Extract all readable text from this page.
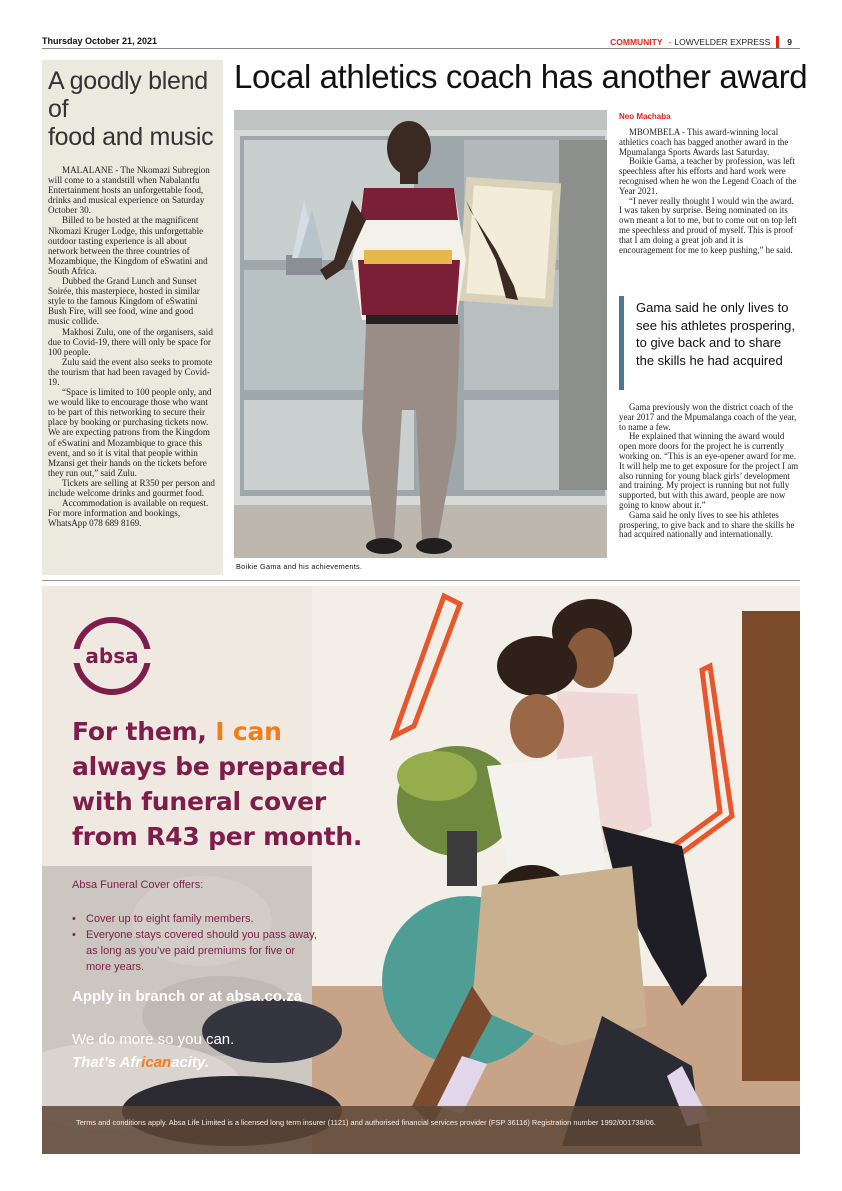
Thursday October 21, 2021	COMMUNITY - LOWVELDER EXPRESS 9
A goodly blend of
food and music

MALALANE - The Nkomazi Subregion will come to a standstill when Nabalantfu Entertainment hosts an unforgettable food, drinks and musical experience on Saturday October 30.

Billed to be hosted at the magnificent Nkomazi Kruger Lodge, this unforgettable outdoor tasting experience is all about network between the three countries of Mozambique, the Kingdom of eSwatini and South Africa.

Dubbed the Grand Lunch and Sunset Soirée, this masterpiece, hosted in similar style to the famous Kingdom of eSwatini Bush Fire, will see food, wine and good music collide.

Makhosi Zulu, one of the organisers, said due to Covid-19, there will only be space for 100 people.

Zulu said the event also seeks to promote the tourism that had been ravaged by Covid-19.

“Space is limited to 100 people only, and we would like to encourage those who want to be part of this networking to secure their place by booking or purchasing tickets now. We are expecting patrons from the Kingdom of eSwatini and Mozambique to grace this event, and so it is vital that people within Mzansi get their hands on the tickets before they run out,” said Zulu.

Tickets are selling at R350 per person and include welcome drinks and gourmet food.

Accommodation is available on request. For more information and bookings, WhatsApp 078 689 8169.

Local athletics coach has another award
Boikie Gama and his achievements.
Neo Machaba

MBOMBELA - This award-winning local athletics coach has bagged another award in the Mpumalanga Sports Awards last Saturday.

Boikie Gama, a teacher by profession, was left speechless after his efforts and hard work were recognised when he won the Legend Coach of the Year 2021.

“I never really thought I would win the award. I was taken by surprise. Being nominated on its own meant a lot to me, but to come out on top left me speechless and proud of myself. This is proof that I am doing a great job and it is encouragement for me to keep pushing,” he said.

Gama said he only lives to see his athletes prospering, to give back and to share the skills he had acquired

Gama previously won the district coach of the year 2017 and the Mpumalanga coach of the year, to name a few.

He explained that winning the award would open more doors for the project he is currently working on. “This is an eye-opener award for me. It will help me to get exposure for the project I am also running for young black girls’ development and training. My project is running but not fully supported, but with this award, people are now going to know about it.”

Gama said he only lives to see his athletes prospering, to give back and to share the skills he had acquired nationally and internationally.

absa
For them, I can
always be prepared
with funeral cover
from R43 per month.
Absa Funeral Cover offers:
• Cover up to eight family members.
• Everyone stays covered should you pass away, as long as you’ve paid premiums for five or more years.
Apply in branch or at absa.co.za
We do more so you can.
That’s Africanacity.
Terms and conditions apply. Absa Life Limited is a licensed long term insurer (1121) and authorised financial services provider (FSP 36116) Registration number 1992/001738/06.
